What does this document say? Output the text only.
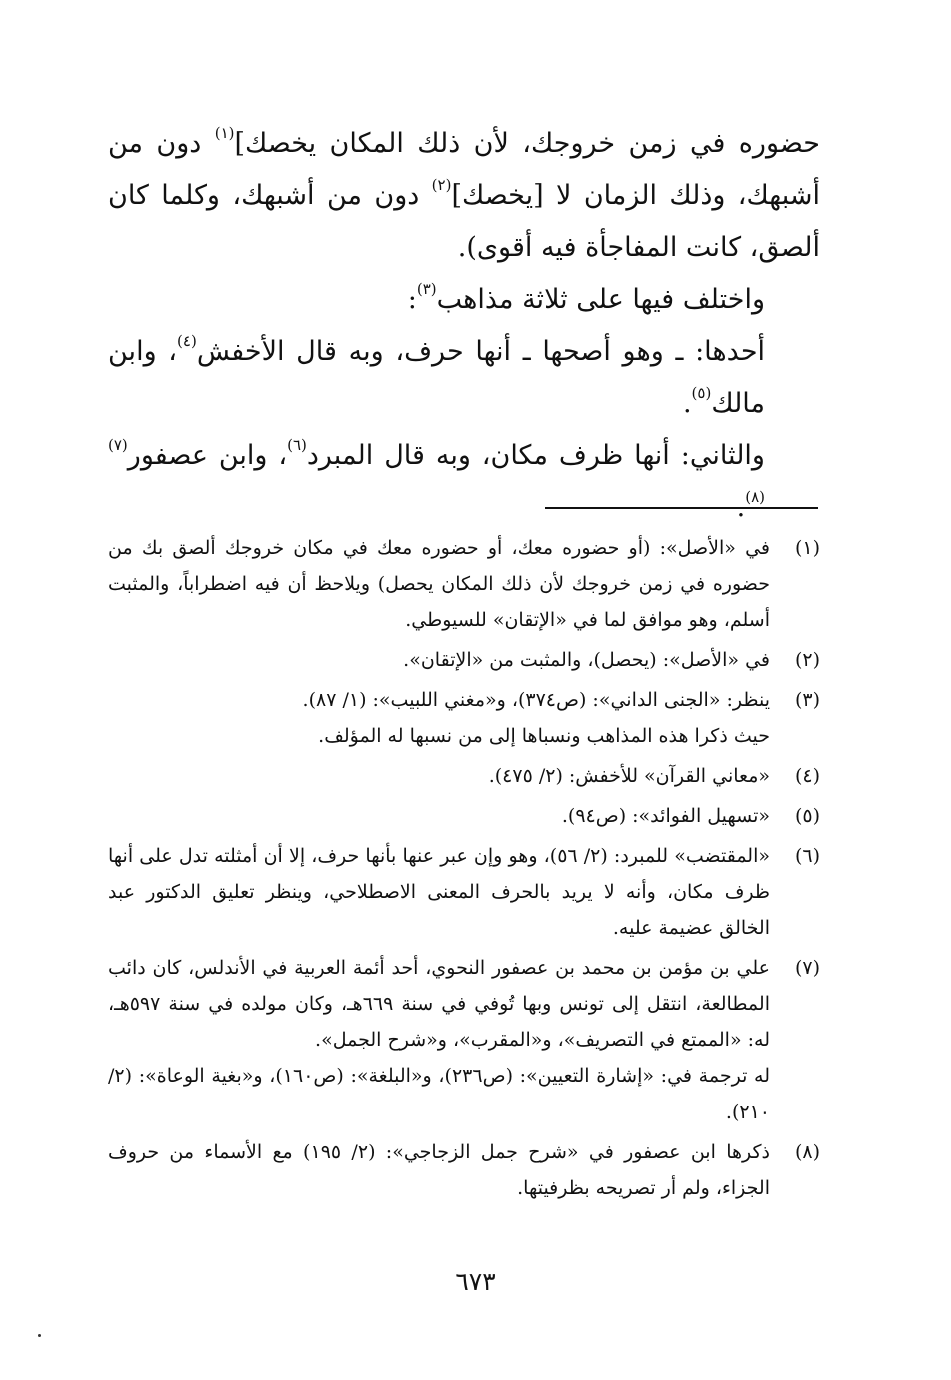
حضوره في زمن خروجك، لأن ذلك المكان يخصك]$^{(١)}$ دون من أشبهك، وذلك الزمان لا [يخصك]$^{(٢)}$ دون من أشبهك، وكلما كان ألصق، كانت المفاجأة فيه أقوى).

واختلف فيها على ثلاثة مذاهب$^{(٣)}$:

أحدها: ـ وهو أصحها ـ أنها حرف، وبه قال الأخفش$^{(٤)}$، وابن مالك$^{(٥)}$.

والثاني: أنها ظرف مكان، وبه قال المبرد$^{(٦)}$، وابن عصفور$^{(٧) (٨)}$.

(١)

في «الأصل»: (أو حضوره معك، أو حضوره معك في مكان خروجك ألصق بك من حضوره في زمن خروجك لأن ذلك المكان يحصل) ويلاحظ أن فيه اضطراباً، والمثبت أسلم، وهو موافق لما في «الإتقان» للسيوطي.

(٢)

في «الأصل»: (يحصل)، والمثبت من «الإتقان».

(٣)

ينظر: «الجنى الداني»: (ص٣٧٤)، و«مغني اللبيب»: (١/ ٨٧).

حيث ذكرا هذه المذاهب ونسباها إلى من نسبها له المؤلف.

(٤)

«معاني القرآن» للأخفش: (٢/ ٤٧٥).

(٥)

«تسهيل الفوائد»: (ص٩٤).

(٦)

«المقتضب» للمبرد: (٢/ ٥٦)، وهو وإن عبر عنها بأنها حرف، إلا أن أمثلته تدل على أنها ظرف مكان، وأنه لا يريد بالحرف المعنى الاصطلاحي، وينظر تعليق الدكتور عبد الخالق عضيمة عليه.

(٧)

علي بن مؤمن بن محمد بن عصفور النحوي، أحد أئمة العربية في الأندلس، كان دائب المطالعة، انتقل إلى تونس وبها تُوفي في سنة ٦٦٩هـ، وكان مولده في سنة ٥٩٧هـ، له: «الممتع في التصريف»، و«المقرب»، و«شرح الجمل».

له ترجمة في: «إشارة التعيين»: (ص٢٣٦)، و«البلغة»: (ص١٦٠)، و«بغية الوعاة»: (٢/ ٢١٠).

(٨)

ذكرها ابن عصفور في «شرح جمل الزجاجي»: (٢/ ١٩٥) مع الأسماء من حروف الجزاء، ولم أر تصريحه بظرفيتها.

٦٧٣
